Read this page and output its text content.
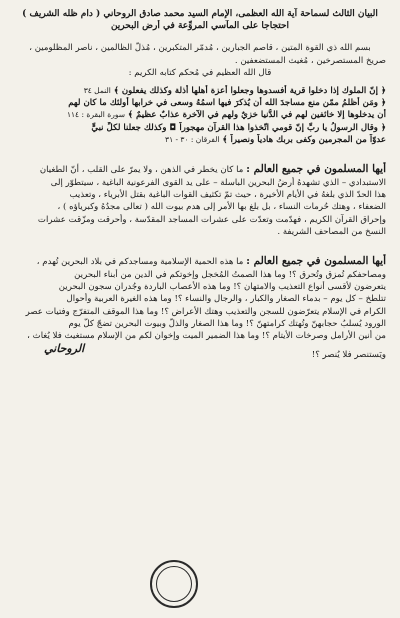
البيان الثالث لسماحة آية الله العظمى، الإمام السيد محمد صادق الروحاني ( دام ظله الشريف )
احتجاجا على المآسي المروِّعة في أرض البحرين
بسم الله ذي القوة المتين ، قاصم الجبارين ، مُدمّر المتكبرين ، مُذلّ الظالمين ، ناصر المظلومين ،
صريخ المستصرخين ، مُغيث المستضعفين .
قال الله العظيم في مُحكم كتابه الكريم :
﴿ إنّ الملوك إذا دخلوا قرية أفسدوها وجعلوا أعزة أهلها أذلة وكذلك يفعلون ﴾ النمل ٣٤
﴿ ومَن أظلمُ ممّن منع مساجدَ الله أن يُذكرَ فيها اسمُهُ وسعى في خرابها أولئك ما كان لهم
أن يدخلوها إلا خائفين لهم في الدُّنيا خزيٌ ولهم في الآخرة عذابٌ عظيمٌ ﴾ سورة البقرة : ١١٤
﴿ وقال الرسولُ يا ربِّ إنّ قومي اتّخذوا هذا القرآن مهجوراً ◘ وكذلك جعلنا لكلِّ نبيٍّ
عدوّاً من المجرمين وكفى بربك هادياً ونصيراً ﴾ الفرقان : ٣٠ - ٣١
أيها المسلمون في جميع العالم : ما كان يخطر في الذهن ، ولا يمرّ على القلب ، أنّ الطغيان
الاستبدادي – الذي تشهدهُ أرضُ البحرين الباسلة – على يد القوى الفرعونية الباغية ، سيتطوّر إلى
هذا الحدّ الذي بلغهُ في الأيام الأخيرة ، حيث تمّ تكثيف القوات الباغية بقتل الأبرياء ، وتعذيب
الضعفاء ، وهتك حُرمات النساء ، بل بلغ بها الأمر إلى هدم بيوت الله ( تعالى مجدُهُ وكبرياؤه ) ،
وإحراق القرآن الكريم ، فهدّمت وتعدّت على عشرات المساجد المقدّسة ، وأحرقت ومزّقت عشرات
النسخ من المصاحف الشريفة .
أيها المسلمون في جميع العالم : ما هذه الحمية الإسلامية ومساجدكم في بلاد البحرين تُهدم ،
ومصاحفكم تُمزق وتُحرق ؟! وما هذا الصمتُ المُخجل وإخوتكم في الدين من أبناء البحرين
يتعرضون لأقسى أنواع التعذيب والامتهان ؟! وما هذه الأعصاب الباردة وجُدران سجون البحرين
تتلطخ – كل يوم – بدماء الصغار والكبار ، والرجال والنساء ؟! وما هذه الغيرة العربية وأحوال
الكرام في الإسلام يتعرّضون للسجن والتعذيب وهتك الأعراض ؟! وما هذا الموقف المتفرّج وفتيات عصر
الورود يُسلبُ حجابهنّ وتُهتك كرامتهنّ ؟! وما هذا الصغار والذلّ وبيوت البحرين تضجّ كلّ يوم
من أنين الأرامل وصرخات الأيتام ؟! وما هذا الضمير الميت وإخوان لكم من الإسلام مستغيث فلا يُغاث ،
ويَستنصر فلا يُنصر ؟!
الروحاني
